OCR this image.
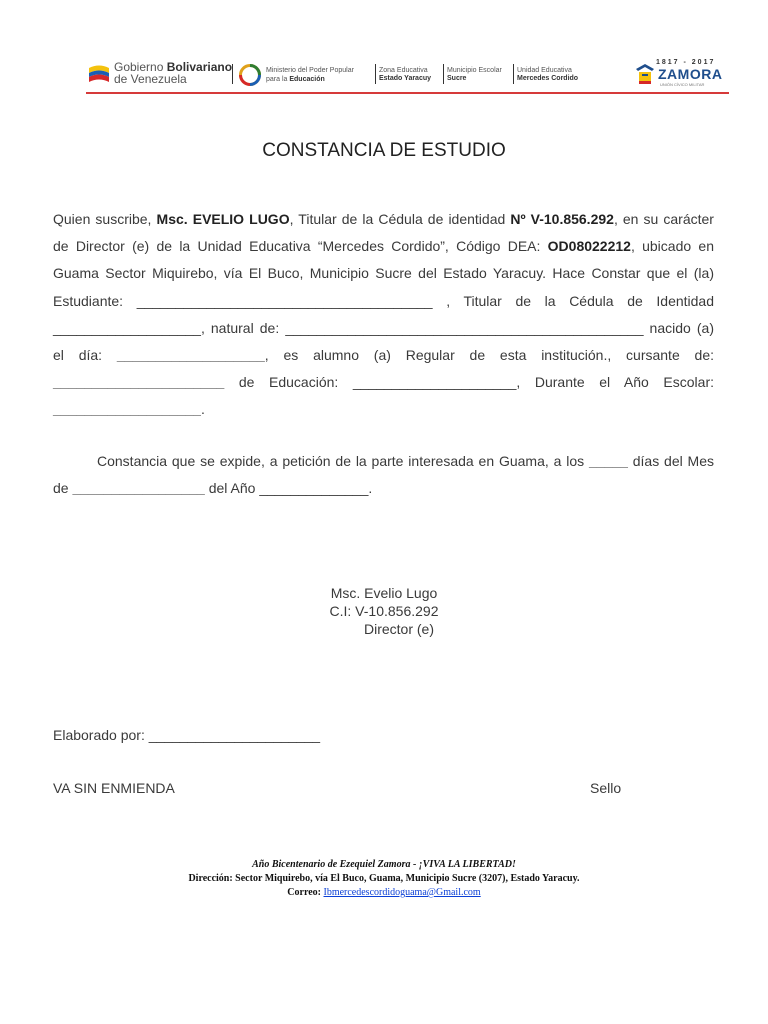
Gobierno Bolivariano
de Venezuela
Ministerio del Poder Popular
para la Educación
Zona Educativa
Estado Yaracuy
Municipio Escolar
Sucre
Unidad Educativa
Mercedes Cordido
1817 - 2017
ZAMORA
UNIÓN CÍVICO MILITAR
CONSTANCIA DE ESTUDIO
Quien suscribe, Msc. EVELIO LUGO, Titular de la Cédula de identidad Nº V-10.856.292, en su carácter de Director (e) de la Unidad Educativa “Mercedes Cordido”, Código DEA: OD08022212, ubicado en Guama Sector Miquirebo, vía El Buco, Municipio Sucre del Estado Yaracuy. Hace Constar que el (la) Estudiante: ______________________________________ , Titular de la Cédula de Identidad ___________________, natural de: ______________________________________________ nacido (a) el día: ___________________, es alumno (a) Regular de esta institución., cursante de: ______________________ de Educación: _____________________, Durante el Año Escolar: ___________________.
Constancia que se expide, a petición de la parte interesada en Guama, a los _____ días del Mes de _________________ del Año ______________.
Msc. Evelio Lugo
C.I: V-10.856.292
Director (e)
Elaborado por: ______________________
VA SIN ENMIENDA	Sello
Año Bicentenario de Ezequiel Zamora - ¡VIVA LA LIBERTAD!
Dirección: Sector Miquirebo, vía El Buco, Guama, Municipio Sucre (3207), Estado Yaracuy.
Correo: Ibmercedescordidoguama@Gmail.com
